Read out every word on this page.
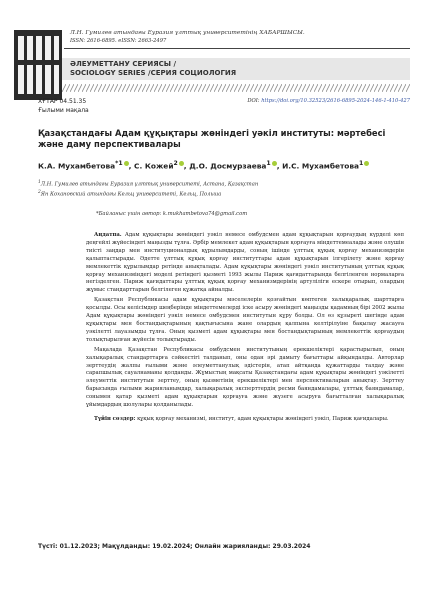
Л.Н. Гумилев атындағы Еуразия ұлттық университетінің ХАБАРШЫСЫ.
ISSN: 2616-6895. eISSN: 2663-2497
ӘЛЕУМЕТТАНУ СЕРИЯСЫ /
SOCIOLOGY SERIES /СЕРИЯ СОЦИОЛОГИЯ
ХҒТАР 04.51.35	DOI: https://doi.org/10.32523/2616-6895-2024-146-1-410-427
Ғылыми мақала
Қазақстандағы Адам құқықтары жөніндегі уәкіл институты: мәртебесі және даму перспективалары
К.А. Мухамбетова$^{*1}$ , С. Кожей$^2$ , Д.О. Досмурзаева$^1$ , И.С. Мухамбетова$^1$
$^1$Л.Н. Гумилев атындағы Еуразия ұлттық университеті, Астана, Қазақстан
$^2$Ян Кохановский атындағы Кельц университеті, Кельц, Польша
*Байланыс үшін автор: k.mukhambetova74@gmail.com

Аңдатпа. Адам құқықтары жөніндегі уәкіл немесе омбудсмен адам құқықтарын қорғаудың күрделі көп деңгейлі жүйесіндегі маңызды тұлға. Әрбір мемлекет адам құқықтарын қорғауға міндеттемеалады және олушін тиісті заңдар мен институционалдық құрылымдарды, соның ішінде ұлттық құқық қорғау механизмдерін қалыптастырады. Әдетте ұлттық құқық қорғау институттары адам құқықтарын ілгерілету және қорғау мемлекеттік құрылымдар ретінде анықталады. Адам құқықтары жөніндегі уәкіл институтының ұлттық құқық қорғау механизміндегі моделі ретіндегі қызметі 1993 жылы Париж қағидаттарында белгіленген нормаларға негізделген. Париж қағидаттары ұлттық құқық қорғау механизмдерінің артуліліги ескере отырып, олардың жұмыс стандарттарын белгілеген құжатқа айналды.

Қазақстан Республикасы адам құқықтары мәселелерін қозғайтын көптеген халықаралық шарттарға қосылды. Осы келісімдер шеңберінде міндеттемелерді іске асыру жөніндегі маңызды қадамның бірі 2002 жылы Адам құқықтары жөніндегі уәкіл немесе омбудсмен институтын құру болды. Ол өз құзыреті шегінде адам құқықтары мен бостандықтарының қақтығысына жане олардың қалпына келтірілуіне бақылау жасауға уәкілетті лауазымды тұлға. Оның қызметі адам құқықтары мен бостандықтарының мемлекеттік қорғаудың толықтырылған жүйесін толықтырады.

Мақалада Қазақстан Республикасы омбудсмен институтының ерекшеліктері қарастырылып, оның халықаралық стандарттарға сәйкестігі талданып, оны одан әрі дамыту бағыттары айқындалды. Авторлар зерттеудің жалпы ғылыми және әлеуметтанулық әдістерін, атап айтқанда құжаттарды талдау және сарапшылық сауалнаманы қолданды. Жұмыстың мақсаты Қазақстандағы адам құқықтары жөніндегі уәкілетті әлеуметтік институтын зерттеу, оның қызметінің ерекшеліктері мен перспективаларын анықтау. Зерттеу барысында ғылыми жарияланымдар, халықаралық эксперттердің ресми баяндамалары, ұлттық баяндамалар, сонымен қатар қызметі адам құқықтарын қорғауға және жүзеге асыруға бағытталған халықаралық ұйымдардың шолулары қолданылады.

Түйін сөздер: құқық қорғау механизмі, институт, адам құқықтары жөніндегі уәкіл, Париж қағидалары.

Түсті: 01.12.2023; Мақұлданды: 19.02.2024; Онлайн жарияланды: 29.03.2024
